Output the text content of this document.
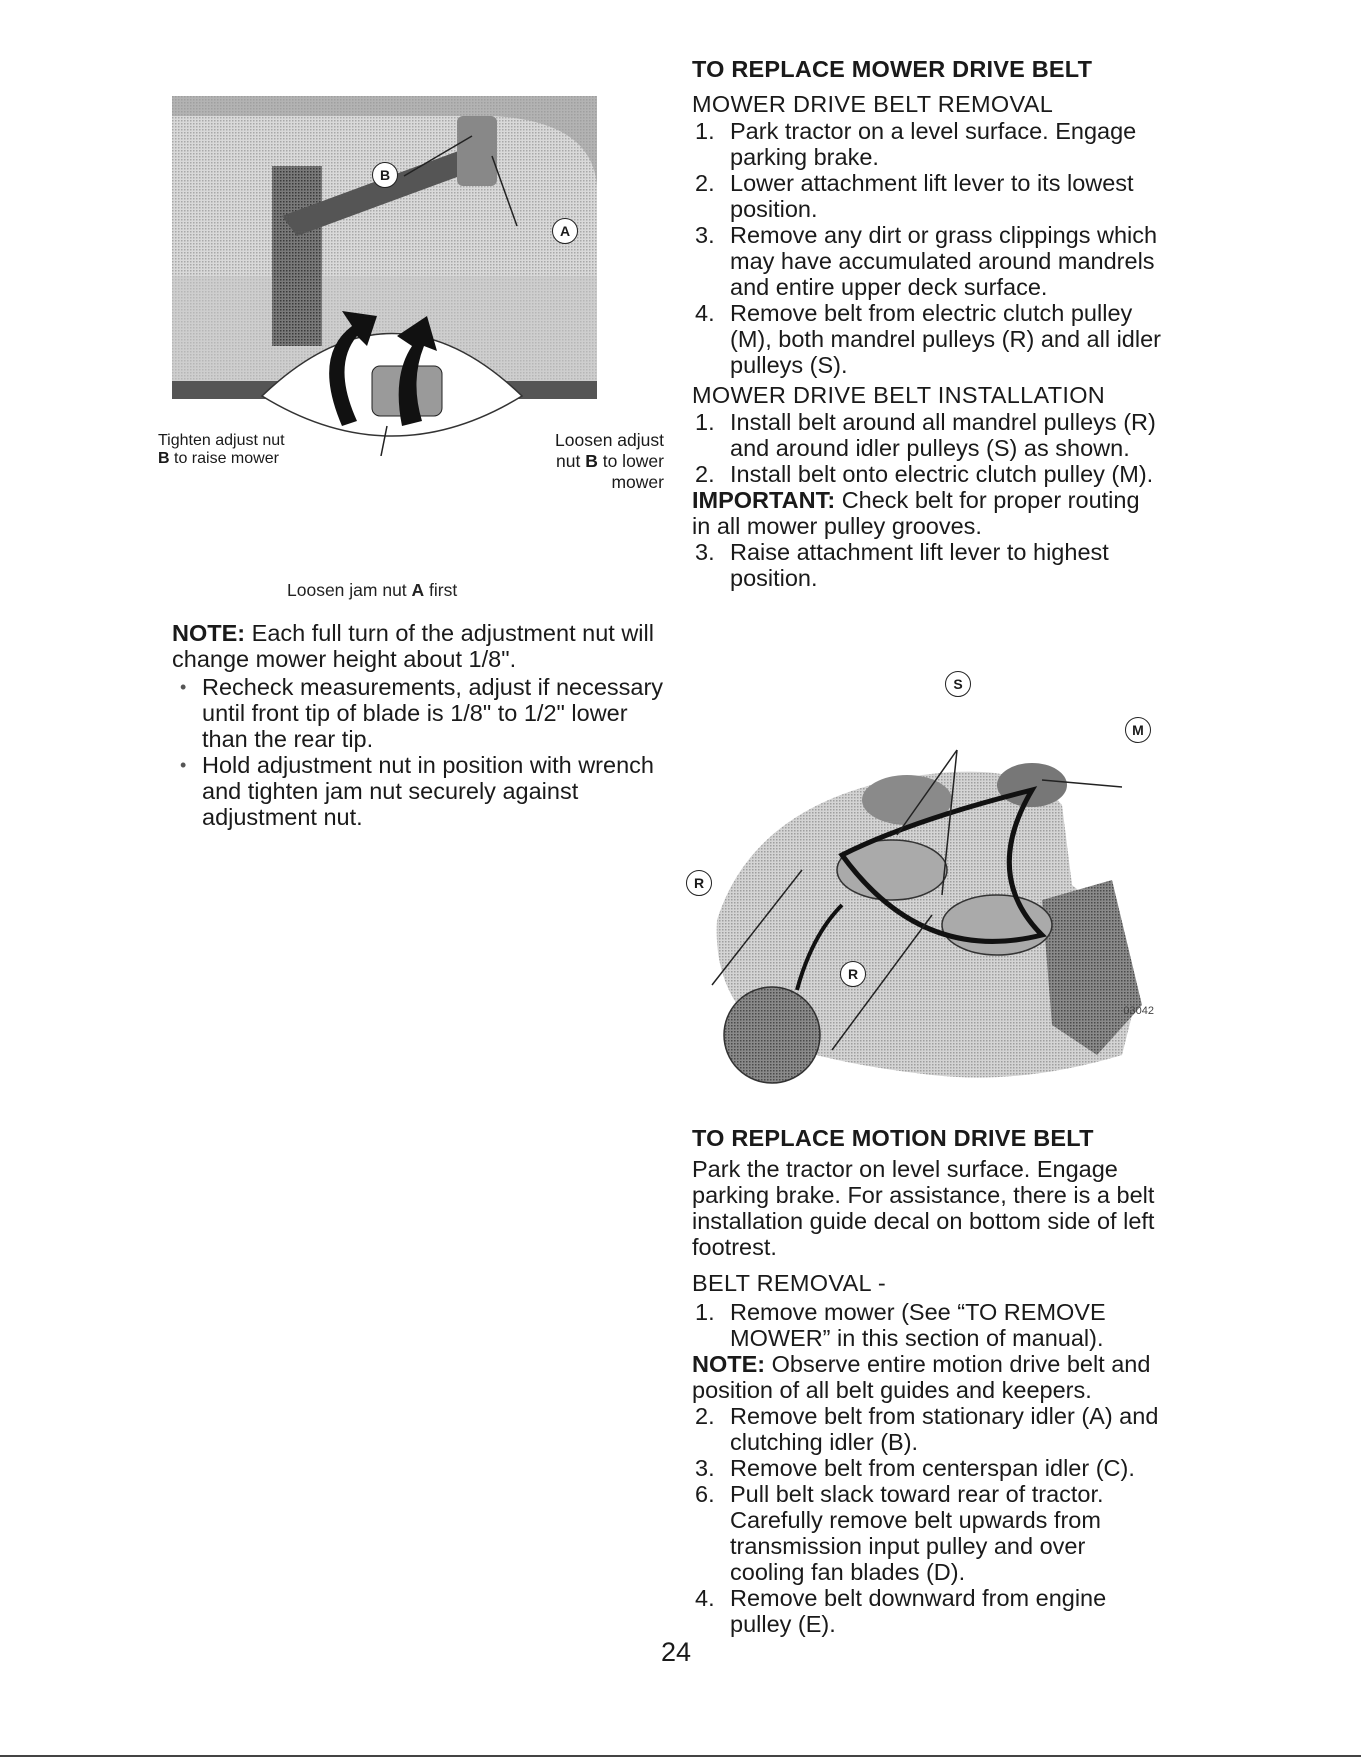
B
A
Tighten adjust nut
B to raise mower
Loosen adjust
nut B to lower
mower
Loosen jam nut A first

NOTE: Each full turn of the adjustment nut will change mower height about 1/8".

• Recheck measurements, adjust if necessary until front tip of blade is 1/8" to 1/2" lower than the rear tip.
• Hold adjustment nut in position with wrench and tighten jam nut securely against adjustment nut.
TO REPLACE MOWER DRIVE BELT

MOWER DRIVE BELT REMOVAL

1. Park tractor on a level surface. Engage parking brake.
2. Lower attachment lift lever to its lowest position.
3. Remove any dirt or grass clippings which may have accumulated around mandrels and entire upper deck surface.
4. Remove belt from electric clutch pulley (M), both mandrel pulleys (R) and all idler pulleys (S).

MOWER DRIVE BELT INSTALLATION

1. Install belt around all mandrel pulleys (R) and around idler pulleys (S) as shown.
2. Install belt onto electric clutch pulley (M).

IMPORTANT: Check belt for proper routing in all mower pulley grooves.

3. Raise attachment lift lever to highest position.
S
M
R
R
03042
TO REPLACE MOTION DRIVE BELT

Park the tractor on level surface. Engage parking brake. For assistance, there is a belt installation guide decal on bottom side of left footrest.

BELT REMOVAL -

1. Remove mower (See “TO REMOVE MOWER” in this section of manual).

NOTE: Observe entire motion drive belt and position of all belt guides and keepers.

2. Remove belt from stationary idler (A) and clutching idler (B).
3. Remove belt from centerspan idler (C).
6. Pull belt slack toward rear of tractor. Carefully remove belt upwards from transmission input pulley and over cooling fan blades (D).
4. Remove belt downward from engine pulley (E).
24
